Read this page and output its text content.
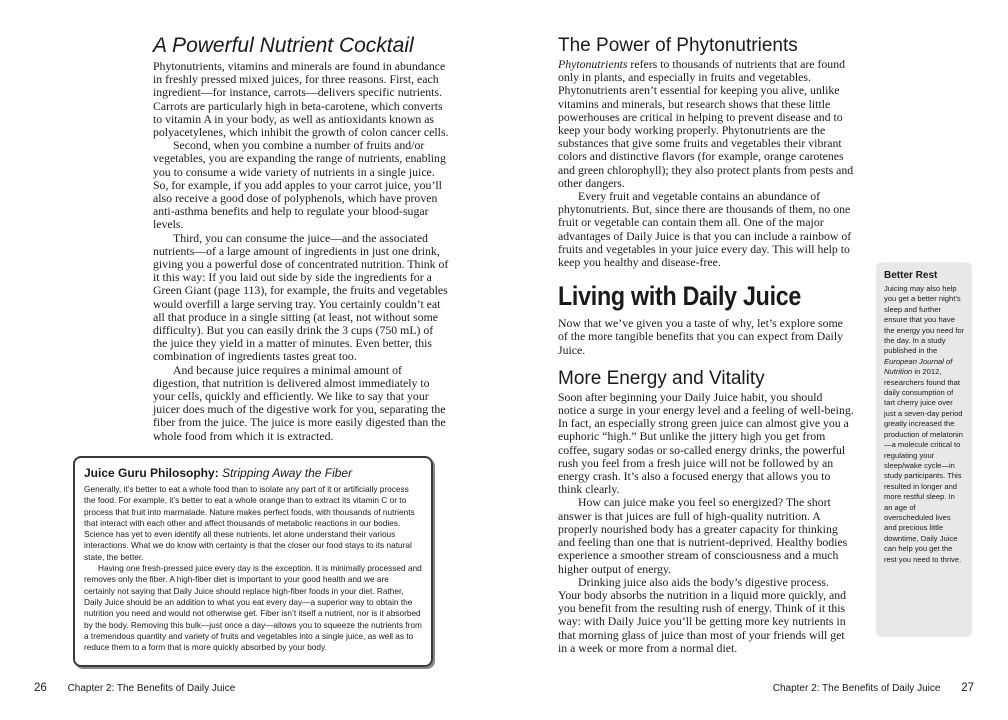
A Powerful Nutrient Cocktail

Phytonutrients, vitamins and minerals are found in abundance in freshly pressed mixed juices, for three reasons. First, each ingredient—for instance, carrots—delivers specific nutrients. Carrots are particularly high in beta-carotene, which converts to vitamin A in your body, as well as antioxidants known as polyacetylenes, which inhibit the growth of colon cancer cells.

Second, when you combine a number of fruits and/or vegetables, you are expanding the range of nutrients, enabling you to consume a wide variety of nutrients in a single juice. So, for example, if you add apples to your carrot juice, you’ll also receive a good dose of polyphenols, which have proven anti-asthma benefits and help to regulate your blood-sugar levels.

Third, you can consume the juice—and the associated nutrients—of a large amount of ingredients in just one drink, giving you a powerful dose of concentrated nutrition. Think of it this way: If you laid out side by side the ingredients for a Green Giant (page 113), for example, the fruits and vegetables would overfill a large serving tray. You certainly couldn’t eat all that produce in a single sitting (at least, not without some difficulty). But you can easily drink the 3 cups (750 mL) of the juice they yield in a matter of minutes. Even better, this combination of ingredients tastes great too.

And because juice requires a minimal amount of digestion, that nutrition is delivered almost immediately to your cells, quickly and efficiently. We like to say that your juicer does much of the digestive work for you, separating the fiber from the juice. The juice is more easily digested than the whole food from which it is extracted.

Juice Guru Philosophy: Stripping Away the Fiber

Generally, it’s better to eat a whole food than to isolate any part of it or artificially process the food. For example, it’s better to eat a whole orange than to extract its vitamin C or to process that fruit into marmalade. Nature makes perfect foods, with thousands of nutrients that interact with each other and affect thousands of metabolic reactions in our bodies. Science has yet to even identify all these nutrients, let alone understand their various interactions. What we do know with certainty is that the closer our food stays to its natural state, the better.

Having one fresh-pressed juice every day is the exception. It is minimally processed and removes only the fiber. A high-fiber diet is important to your good health and we are certainly not saying that Daily Juice should replace high-fiber foods in your diet. Rather, Daily Juice should be an addition to what you eat every day—a superior way to obtain the nutrition you need and would not otherwise get. Fiber isn’t itself a nutrient, nor is it absorbed by the body. Removing this bulk—just once a day—allows you to squeeze the nutrients from a tremendous quantity and variety of fruits and vegetables into a single juice, as well as to reduce them to a form that is more quickly absorbed by your body.

26 Chapter 2: The Benefits of Daily Juice
The Power of Phytonutrients

Phytonutrients refers to thousands of nutrients that are found only in plants, and especially in fruits and vegetables. Phytonutrients aren’t essential for keeping you alive, unlike vitamins and minerals, but research shows that these little powerhouses are critical in helping to prevent disease and to keep your body working properly. Phytonutrients are the substances that give some fruits and vegetables their vibrant colors and distinctive flavors (for example, orange carotenes and green chlorophyll); they also protect plants from pests and other dangers.

Every fruit and vegetable contains an abundance of phytonutrients. But, since there are thousands of them, no one fruit or vegetable can contain them all. One of the major advantages of Daily Juice is that you can include a rainbow of fruits and vegetables in your juice every day. This will help to keep you healthy and disease-free.

Living with Daily Juice

Now that we’ve given you a taste of why, let’s explore some of the more tangible benefits that you can expect from Daily Juice.

More Energy and Vitality

Soon after beginning your Daily Juice habit, you should notice a surge in your energy level and a feeling of well-being. In fact, an especially strong green juice can almost give you a euphoric “high.” But unlike the jittery high you get from coffee, sugary sodas or so-called energy drinks, the powerful rush you feel from a fresh juice will not be followed by an energy crash. It’s also a focused energy that allows you to think clearly.

How can juice make you feel so energized? The short answer is that juices are full of high-quality nutrition. A properly nourished body has a greater capacity for thinking and feeling than one that is nutrient-deprived. Healthy bodies experience a smoother stream of consciousness and a much higher output of energy.

Drinking juice also aids the body’s digestive process. Your body absorbs the nutrition in a liquid more quickly, and you benefit from the resulting rush of energy. Think of it this way: with Daily Juice you’ll be getting more key nutrients in that morning glass of juice than most of your friends will get in a week or more from a normal diet.

Better Rest

Juicing may also help you get a better night’s sleep and further ensure that you have the energy you need for the day. In a study published in the European Journal of Nutrition in 2012, researchers found that daily consumption of tart cherry juice over just a seven-day period greatly increased the production of melatonin—a molecule critical to regulating your sleep/wake cycle—in study participants. This resulted in longer and more restful sleep. In an age of overscheduled lives and precious little downtime, Daily Juice can help you get the rest you need to thrive.

Chapter 2: The Benefits of Daily Juice 27
